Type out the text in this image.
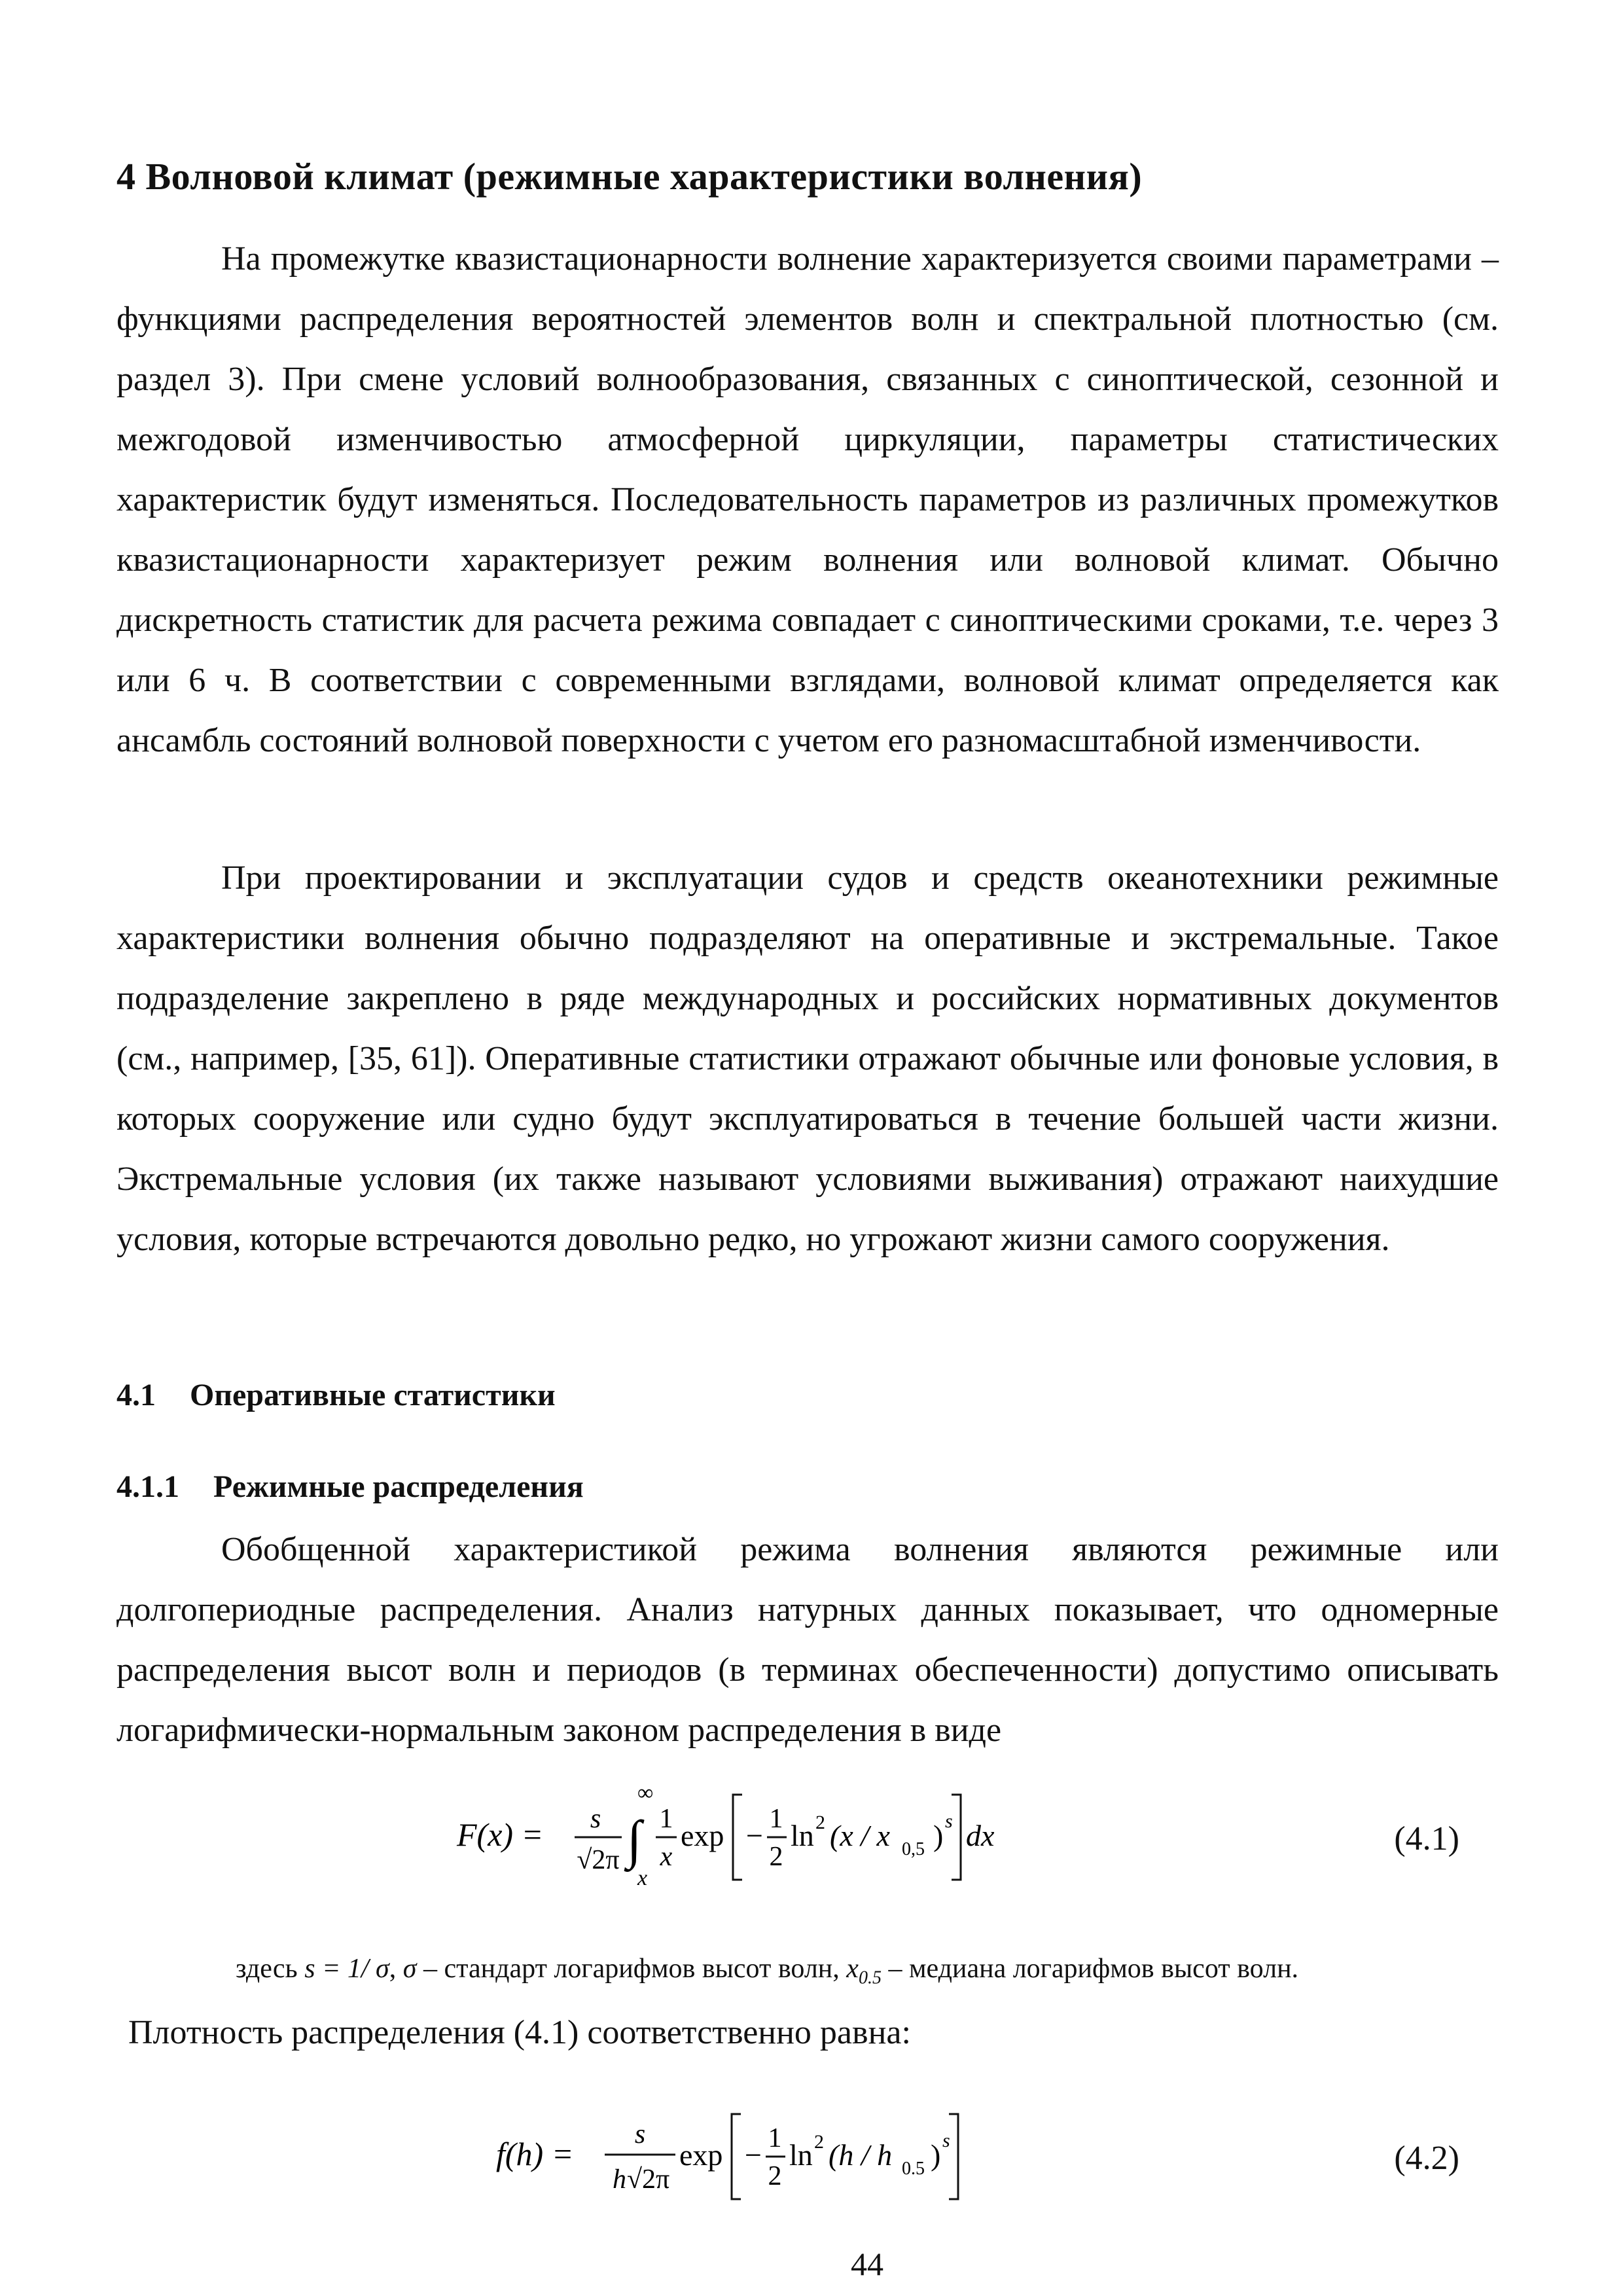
4 Волновой климат (режимные характеристики волнения)
На промежутке квазистационарности волнение характеризуется своими параметрами – функциями распределения вероятностей элементов волн и спектральной плотностью (см. раздел 3). При смене условий волнообразования, связанных с синоптической, сезонной и межгодовой изменчивостью атмосферной циркуляции, параметры статистических характеристик будут изменяться. Последовательность параметров из различных промежутков квазистационарности характеризует режим волнения или волновой климат. Обычно дискретность статистик для расчета режима совпадает с синоптическими сроками, т.е. через 3 или 6 ч. В соответствии с современными взглядами, волновой климат определяется как ансамбль состояний волновой поверхности с учетом его разномасштабной изменчивости.
При проектировании и эксплуатации судов и средств океанотехники режимные характеристики волнения обычно подразделяют на оперативные и экстремальные. Такое подразделение закреплено в ряде международных и российских нормативных документов (см., например, [35, 61]). Оперативные статистики отражают обычные или фоновые условия, в которых сооружение или судно будут эксплуатироваться в течение большей части жизни. Экстремальные условия (их также называют условиями выживания) отражают наихудшие условия, которые встречаются довольно редко, но угрожают жизни самого сооружения.
4.1 Оперативные статистики
4.1.1 Режимные распределения
Обобщенной характеристикой режима волнения являются режимные или долгопериодные распределения. Анализ натурных данных показывает, что одномерные распределения высот волн и периодов (в терминах обеспеченности) допустимо описывать логарифмически-нормальным законом распределения в виде
F(x) = s
√2π ∫
∞
x
1
x
exp − 1
2
ln 2 (x / x 0,5 ) s dx	(4.1)
здесь s = 1/ σ, σ – стандарт логарифмов высот волн, $x_{0.5}$ – медиана логарифмов высот волн.
Плотность распределения (4.1) соответственно равна:
f(h) =
s
h √2π
exp − 1
2
ln 2 (h / h 0.5 ) s	(4.2)
44
